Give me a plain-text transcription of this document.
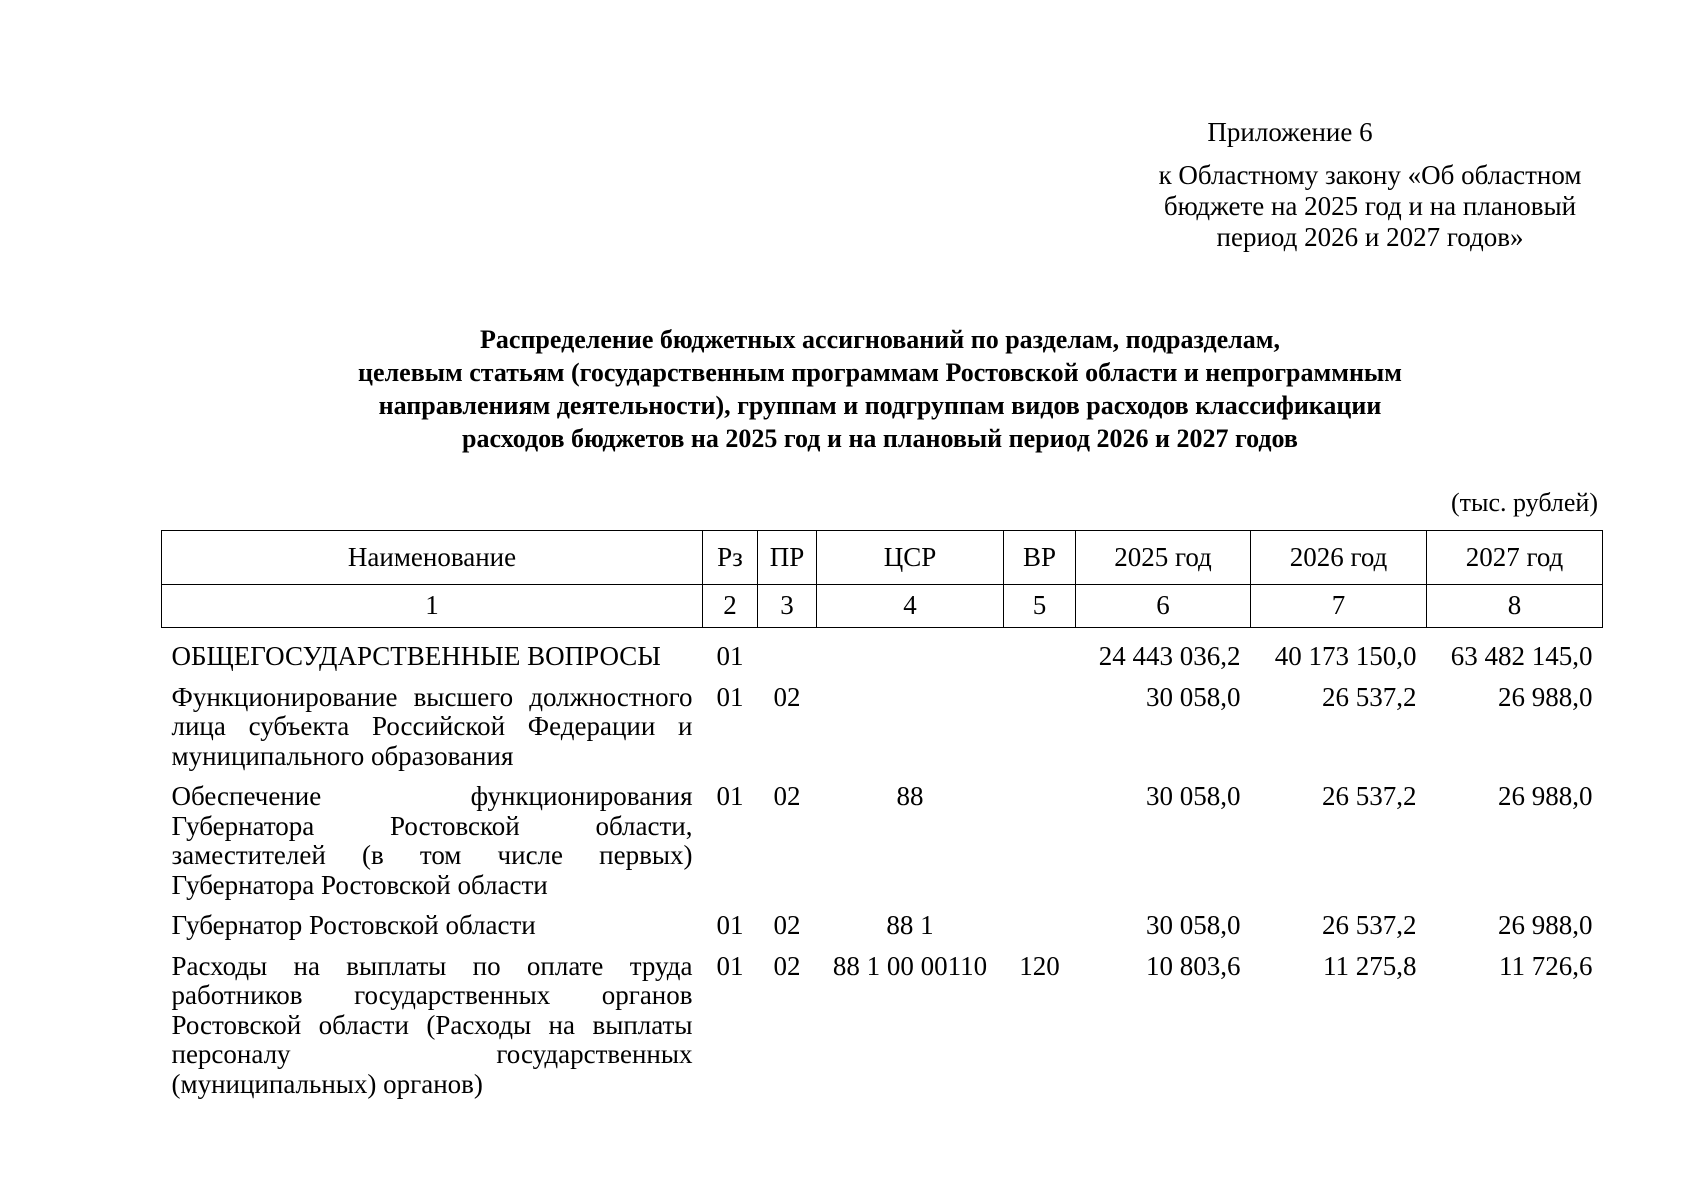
Приложение 6
к Областному закону «Об областном
бюджете на 2025 год и на плановый
период 2026 и 2027 годов»
Распределение бюджетных ассигнований по разделам, подразделам,
целевым статьям (государственным программам Ростовской области и непрограммным
направлениям деятельности), группам и подгруппам видов расходов классификации
расходов бюджетов на 2025 год и на плановый период 2026 и 2027 годов
(тыс. рублей)
Наименование	Рз	ПР	ЦСР	ВР	2025 год	2026 год	2027 год
1	2	3	4	5	6	7	8
ОБЩЕГОСУДАРСТВЕННЫЕ ВОПРОСЫ	01				24 443 036,2	40 173 150,0	63 482 145,0
Функционирование высшего должностного лица субъекта Российской Федерации и муниципального образования	01	02			30 058,0	26 537,2	26 988,0
Обеспечение функционирования Губернатора Ростовской области, заместителей (в том числе первых) Губернатора Ростовской области	01	02	88		30 058,0	26 537,2	26 988,0
Губернатор Ростовской области	01	02	88 1		30 058,0	26 537,2	26 988,0
Расходы на выплаты по оплате труда работников государственных органов Ростовской области (Расходы на выплаты персоналу государственных (муниципальных) органов)	01	02	88 1 00 00110	120	10 803,6	11 275,8	11 726,6
